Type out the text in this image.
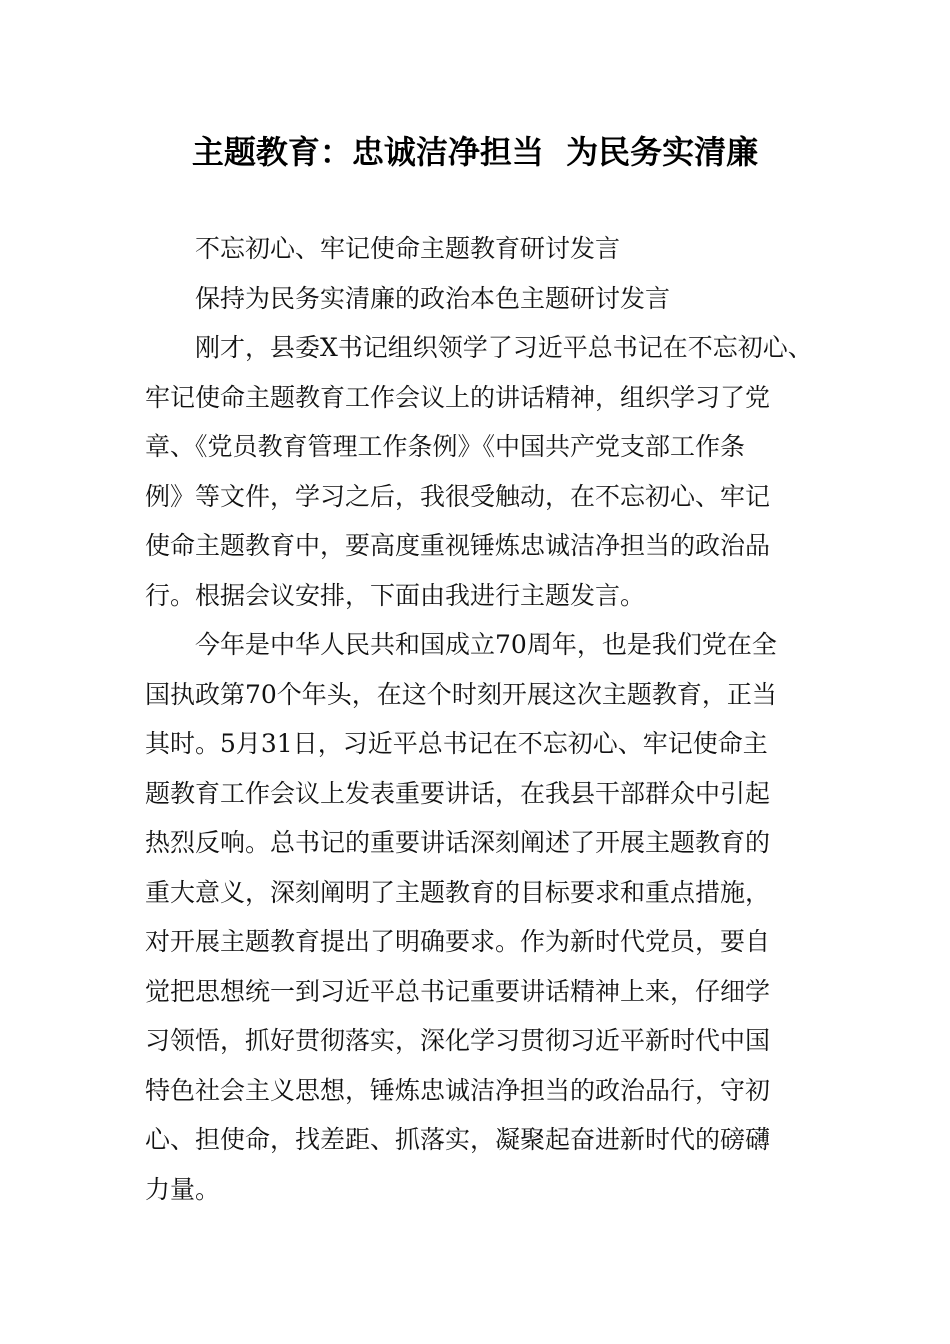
主题教育：忠诚洁净担当  为民务实清廉
不忘初心、牢记使命主题教育研讨发言
保持为民务实清廉的政治本色主题研讨发言
刚才，县委X书记组织领学了习近平总书记在不忘初心、
牢记使命主题教育工作会议上的讲话精神，组织学习了党
章、《党员教育管理工作条例》《中国共产党支部工作条
例》等文件，学习之后，我很受触动，在不忘初心、牢记
使命主题教育中，要高度重视锤炼忠诚洁净担当的政治品
行。根据会议安排，下面由我进行主题发言。
今年是中华人民共和国成立70周年，也是我们党在全
国执政第70个年头，在这个时刻开展这次主题教育，正当
其时。5月31日，习近平总书记在不忘初心、牢记使命主
题教育工作会议上发表重要讲话，在我县干部群众中引起
热烈反响。总书记的重要讲话深刻阐述了开展主题教育的
重大意义，深刻阐明了主题教育的目标要求和重点措施，
对开展主题教育提出了明确要求。作为新时代党员，要自
觉把思想统一到习近平总书记重要讲话精神上来，仔细学
习领悟，抓好贯彻落实，深化学习贯彻习近平新时代中国
特色社会主义思想，锤炼忠诚洁净担当的政治品行，守初
心、担使命，找差距、抓落实，凝聚起奋进新时代的磅礴
力量。
